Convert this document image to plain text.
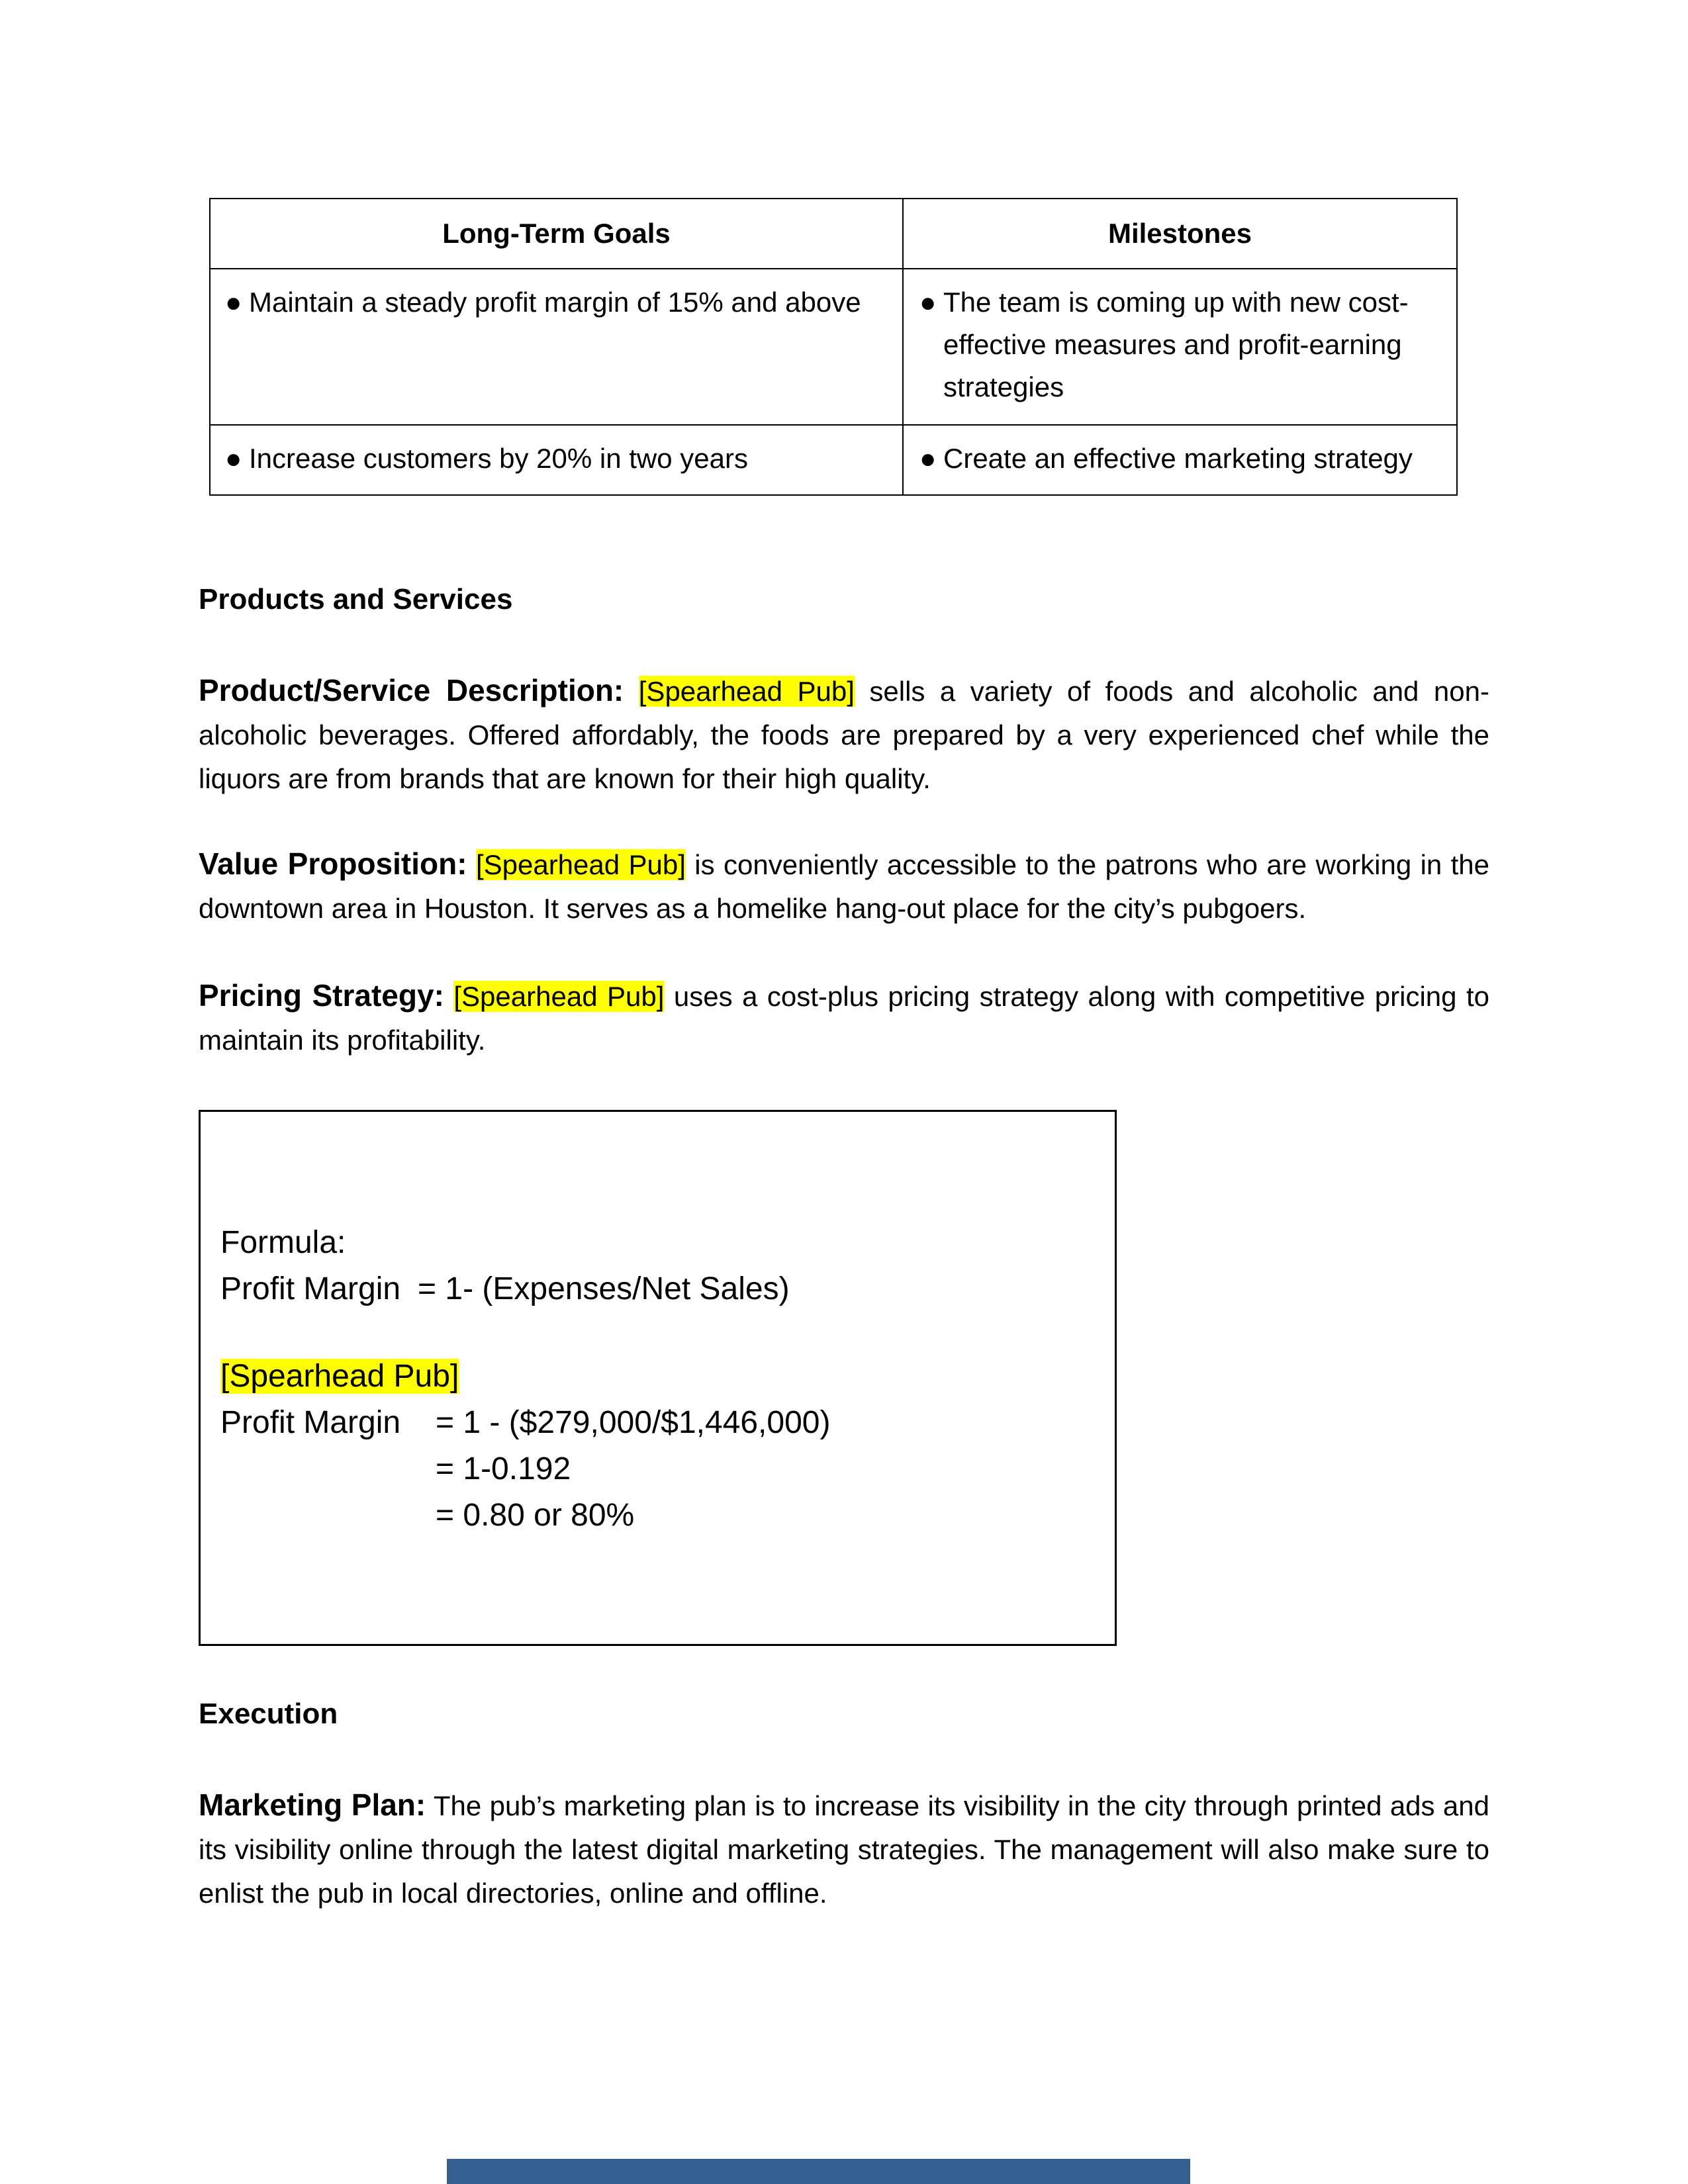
Long-Term Goals	Milestones

● Maintain a steady profit margin of 15% and above	● The team is coming up with new cost-
effective measures and profit-earning
strategies

● Increase customers by 20% in two years	● Create an effective marketing strategy
Products and Services
Product/Service Description: [Spearhead Pub] sells a variety of foods and alcoholic and non-alcoholic beverages. Offered affordably, the foods are prepared by a very experienced chef while the liquors are from brands that are known for their high quality.
Value Proposition: [Spearhead Pub] is conveniently accessible to the patrons who are working in the downtown area in Houston. It serves as a homelike hang-out place for the city’s pubgoers.
Pricing Strategy: [Spearhead Pub] uses a cost-plus pricing strategy along with competitive pricing to maintain its profitability.
Formula:
Profit Margin = 1- (Expenses/Net Sales)
[Spearhead Pub]
Profit Margin = 1 - ($279,000/$1,446,000)
= 1-0.192
= 0.80 or 80%
Execution
Marketing Plan: The pub’s marketing plan is to increase its visibility in the city through printed ads and its visibility online through the latest digital marketing strategies. The management will also make sure to enlist the pub in local directories, online and offline.
